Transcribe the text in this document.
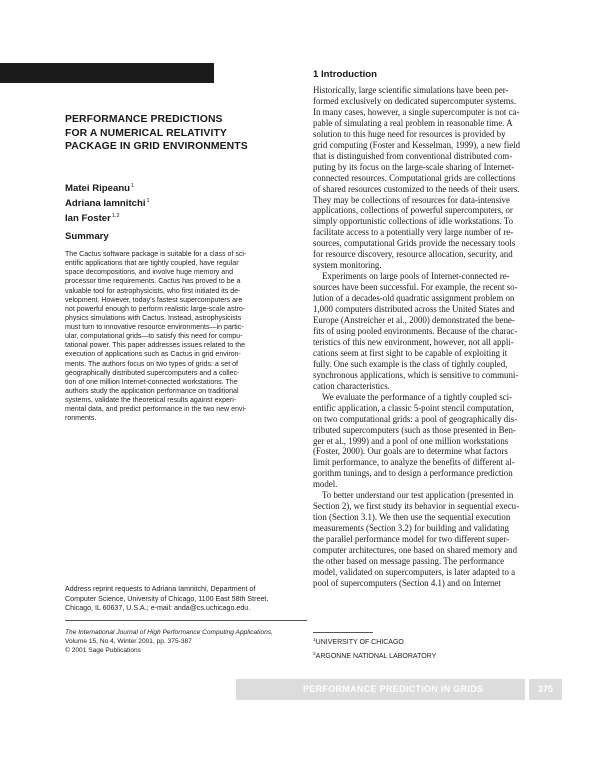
PERFORMANCE PREDICTIONS
FOR A NUMERICAL RELATIVITY
PACKAGE IN GRID ENVIRONMENTS
Matei Ripeanu$^1$
Adriana Iamnitchi$^1$
Ian Foster$^{1,2}$
Summary
The Cactus software package is suitable for a class of sci-
entific applications that are tightly coupled, have regular
space decompositions, and involve huge memory and
processor time requirements. Cactus has proved to be a
valuable tool for astrophysicists, who first initiated its de-
velopment. However, today’s fastest supercomputers are
not powerful enough to perform realistic large-scale astro-
physics simulations with Cactus. Instead, astrophysicists
must turn to innovative resource environments—in partic-
ular, computational grids—to satisfy this need for compu-
tational power. This paper addresses issues related to the
execution of applications such as Cactus in grid environ-
ments. The authors focus on two types of grids: a set of
geographically distributed supercomputers and a collec-
tion of one million Internet-connected workstations. The
authors study the application performance on traditional
systems, validate the theoretical results against experi-
mental data, and predict performance in the two new envi-
ronments.
Address reprint requests to Adriana Iamnitchi, Department of
Computer Science, University of Chicago, 1100 East 58th Street,
Chicago, IL 60637, U.S.A.; e-mail: anda@cs.uchicago.edu.
The International Journal of High Performance Computing Applications,
Volume 15, No 4, Winter 2001, pp. 375-387
© 2001 Sage Publications
1 Introduction
Historically, large scientific simulations have been per-
formed exclusively on dedicated supercomputer systems.
In many cases, however, a single supercomputer is not ca-
pable of simulating a real problem in reasonable time. A
solution to this huge need for resources is provided by
grid computing (Foster and Kesselman, 1999), a new field
that is distinguished from conventional distributed com-
puting by its focus on the large-scale sharing of Internet-
connected resources. Computational grids are collections
of shared resources customized to the needs of their users.
They may be collections of resources for data-intensive
applications, collections of powerful supercomputers, or
simply opportunistic collections of idle workstations. To
facilitate access to a potentially very large number of re-
sources, computational Grids provide the necessary tools
for resource discovery, resource allocation, security, and
system monitoring.
Experiments on large pools of Internet-connected re-
sources have been successful. For example, the recent so-
lution of a decades-old quadratic assignment problem on
1,000 computers distributed across the United States and
Europe (Anstreicher et al., 2000) demonstrated the bene-
fits of using pooled environments. Because of the charac-
teristics of this new environment, however, not all appli-
cations seem at first sight to be capable of exploiting it
fully. One such example is the class of tightly coupled,
synchronous applications, which is sensitive to communi-
cation characteristics.
We evaluate the performance of a tightly coupled sci-
entific application, a classic 5-point stencil computation,
on two computational grids: a pool of geographically dis-
tributed supercomputers (such as those presented in Ben-
ger et al., 1999) and a pool of one million workstations
(Foster, 2000). Our goals are to determine what factors
limit performance, to analyze the benefits of different al-
gorithm tunings, and to design a performance prediction
model.
To better understand our test application (presented in
Section 2), we first study its behavior in sequential execu-
tion (Section 3.1). We then use the sequential execution
measurements (Section 3.2) for building and validating
the parallel performance model for two different super-
computer architectures, one based on shared memory and
the other based on message passing. The performance
model, validated on supercomputers, is later adapted to a
pool of supercomputers (Section 4.1) and on Internet
$^1$UNIVERSITY OF CHICAGO
$^2$ARGONNE NATIONAL LABORATORY
PERFORMANCE PREDICTION IN GRIDS	375
